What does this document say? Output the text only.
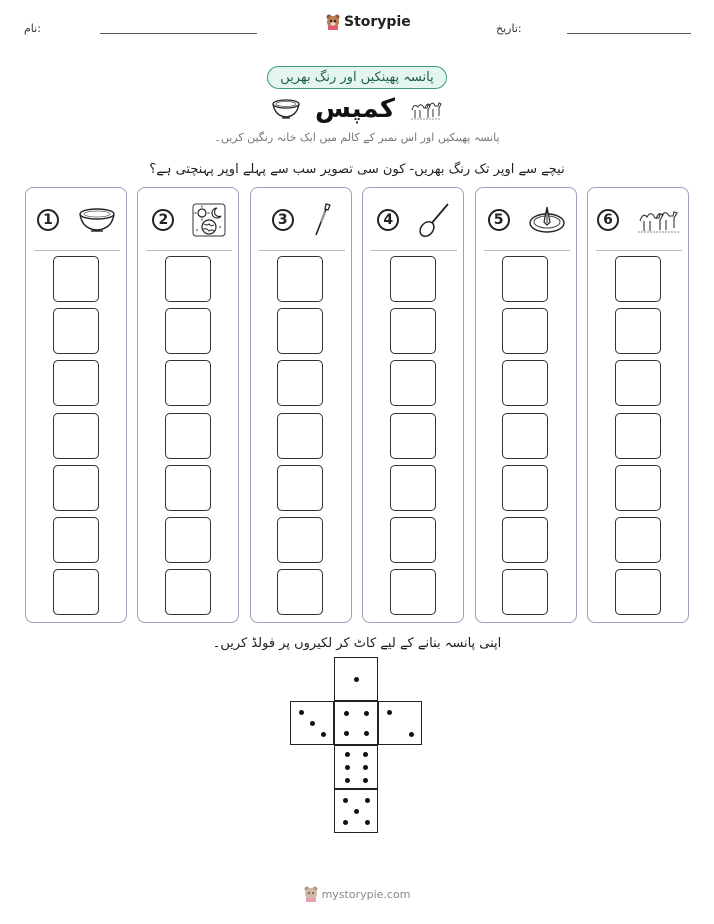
نام:	Storypie	تاریخ:
پانسہ پھینکیں اور رنگ بھریں
کمپس
پانسہ پھینکیں اور اس نمبر کے کالم میں ایک خانہ رنگین کریں۔
نیچے سے اوپر تک رنگ بھریں- کون سی تصویر سب سے پہلے اوپر پہنچتی ہے؟
1	2	3	4	5	6
اپنی پانسہ بنانے کے لیے کاٹ کر لکیروں پر فولڈ کریں۔
mystorypie.com
